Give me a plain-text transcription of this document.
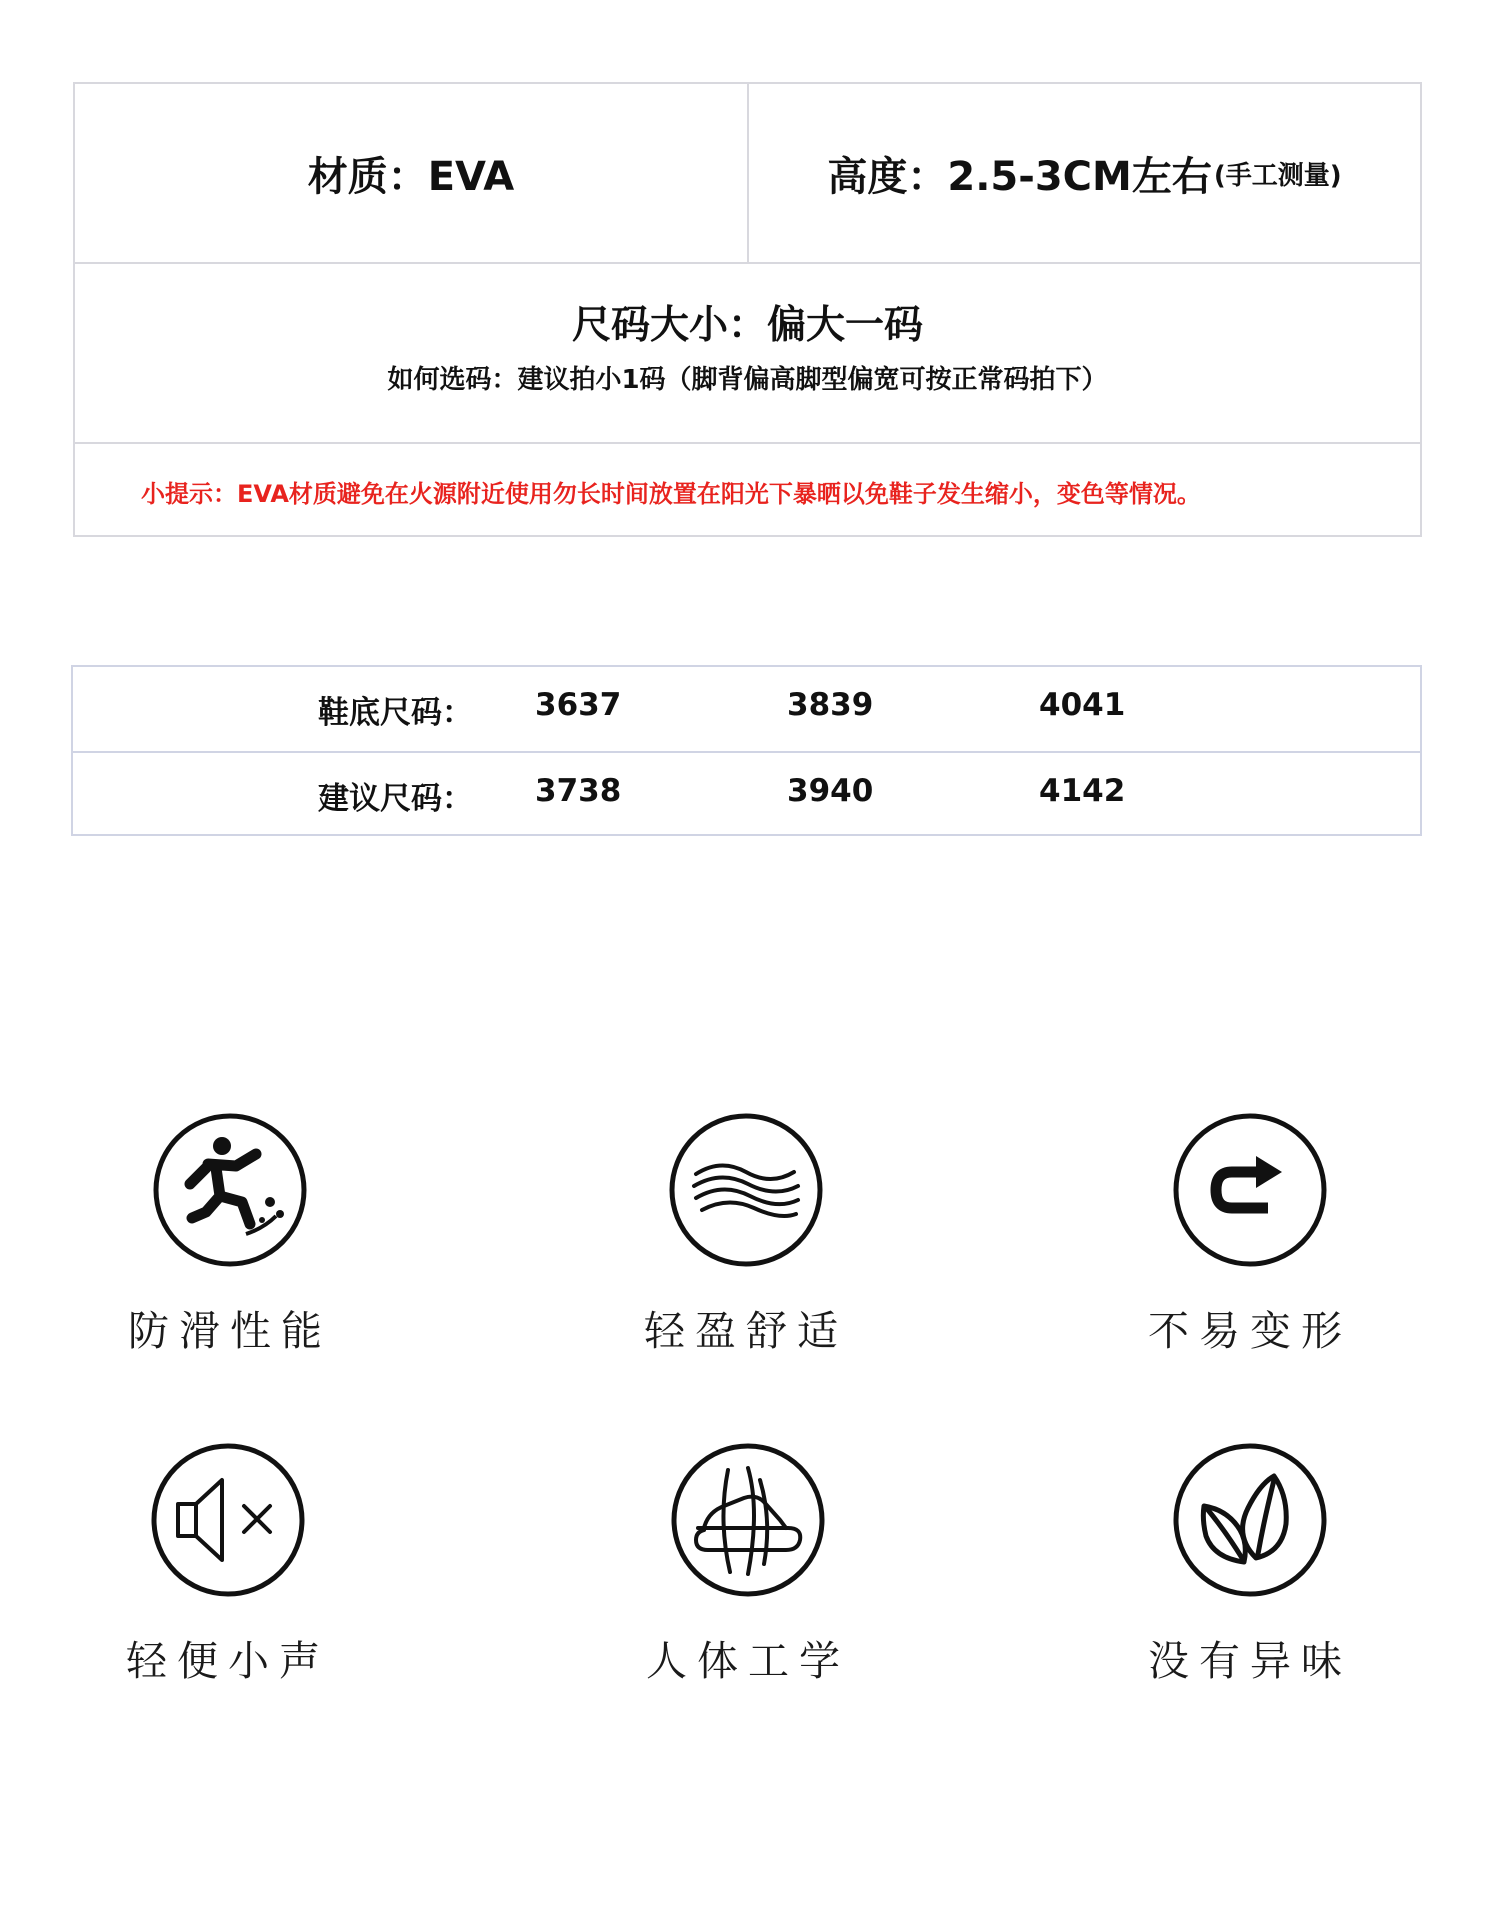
材质：EVA	高度：2.5-3CM左右 (手工测量)
尺码大小：偏大一码
如何选码：建议拍小1码（脚背偏高脚型偏宽可按正常码拍下）
小提示：EVA材质避免在火源附近使用勿长时间放置在阳光下暴晒以免鞋子发生缩小，变色等情况。
鞋底尺码： 3637	3839	4041
建议尺码： 3738	3940	4142
防滑性能	轻盈舒适	不易变形
轻便小声	人体工学	没有异味
